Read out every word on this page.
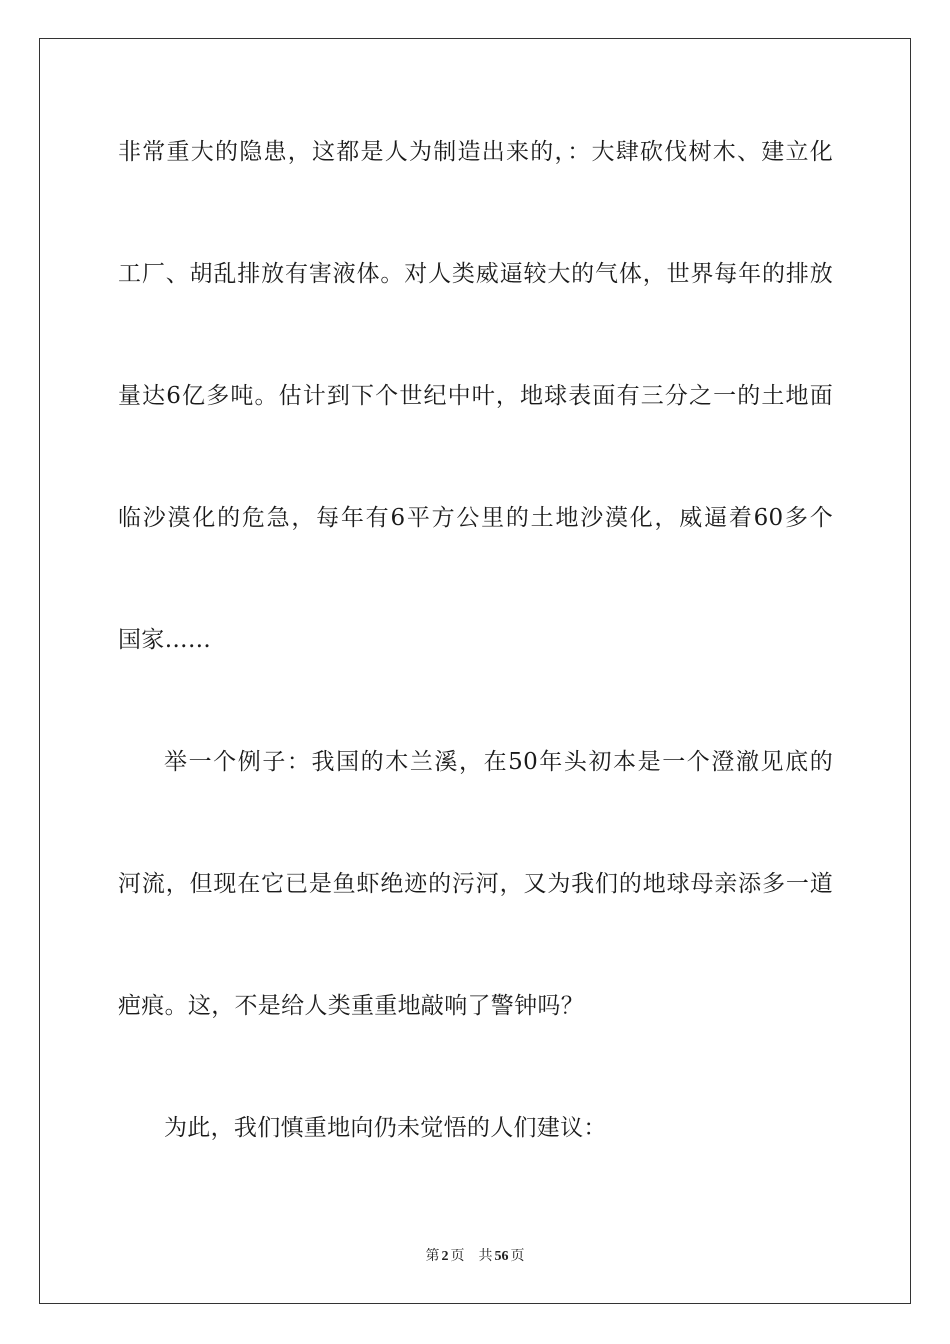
非常重大的隐患，这都是人为制造出来的，：大肆砍伐树木、建立化
工厂、胡乱排放有害液体。对人类威逼较大的气体，世界每年的排放
量达6亿多吨。估计到下个世纪中叶，地球表面有三分之一的土地面
临沙漠化的危急，每年有6平方公里的土地沙漠化，威逼着60多个
国家……
举一个例子：我国的木兰溪，在50年头初本是一个澄澈见底的
河流，但现在它已是鱼虾绝迹的污河，又为我们的地球母亲添多一道
疤痕。这，不是给人类重重地敲响了警钟吗？
为此，我们慎重地向仍未觉悟的人们建议：
第 2 页 共 56 页
